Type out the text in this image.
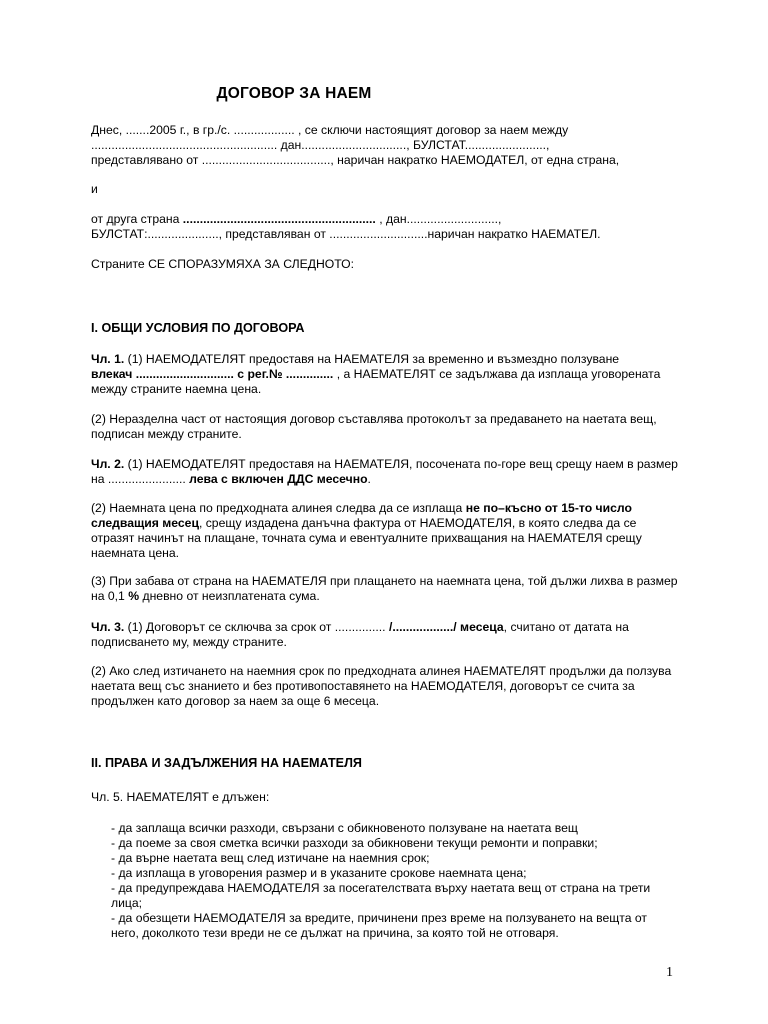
ДОГОВОР ЗА НАЕМ

Днес, .......2005 г., в гр./с. .................. , се сключи настоящият договор за наем между
....................................................... дан..............................., БУЛСТАТ........................,
представлявано от ......................................, наричан накратко НАЕМОДАТЕЛ, от една страна,

и

от друга страна ......................................................... , дан...........................,
БУЛСТАТ:....................., представляван от .............................наричан накратко НАЕМАТЕЛ.

Страните СЕ СПОРАЗУМЯХА ЗА СЛЕДНОТО:

I. ОБЩИ УСЛОВИЯ ПО ДОГОВОРА

Чл. 1. (1) НАЕМОДАТЕЛЯТ предоставя на НАЕМАТЕЛЯ за временно и възмездно ползуване
влекач ............................. с рег.№ .............. , а НАЕМАТЕЛЯТ се задължава да изплаща уговорената между страните наемна цена.

(2) Неразделна част от настоящия договор съставлява протоколът за предаването на наетата вещ, подписан между страните.

Чл. 2. (1) НАЕМОДАТЕЛЯТ предоставя на НАЕМАТЕЛЯ, посочената по-горе вещ срещу наем в размер на ....................... лева с включен ДДС месечно.

(2) Наемната цена по предходната алинея следва да се изплаща не по–късно от 15-то число следващия месец, срещу издадена данъчна фактура от НАЕМОДАТЕЛЯ, в която следва да се отразят начинът на плащане, точната сума и евентуалните прихващания на НАЕМАТЕЛЯ срещу наемната цена.

(3) При забава от страна на НАЕМАТЕЛЯ при плащането на наемната цена, той дължи лихва в размер на 0,1 % дневно от неизплатената сума.

Чл. 3. (1) Договорът се сключва за срок от ............... /................../ месеца, считано от датата на подписването му, между страните.

(2) Ако след изтичането на наемния срок по предходната алинея НАЕМАТЕЛЯТ продължи да ползува наетата вещ със знанието и без противопоставянето на НАЕМОДАТЕЛЯ, договорът се счита за продължен като договор за наем за още 6 месеца.

II. ПРАВА И ЗАДЪЛЖЕНИЯ НА НАЕМАТЕЛЯ

Чл. 5. НАЕМАТЕЛЯТ е длъжен:

- да заплаща всички разходи, свързани с обикновеното ползуване на наетата вещ
- да поеме за своя сметка всички разходи за обикновени текущи ремонти и поправки;
- да върне наетата вещ след изтичане на наемния срок;
- да изплаща в уговорения размер и в указаните срокове наемната цена;
- да предупреждава НАЕМОДАТЕЛЯ за посегателствата върху наетата вещ от страна на трети лица;
- да обезщети НАЕМОДАТЕЛЯ за вредите, причинени през време на ползуването на вещта от него, доколкото тези вреди не се дължат на причина, за която той не отговаря.
1
